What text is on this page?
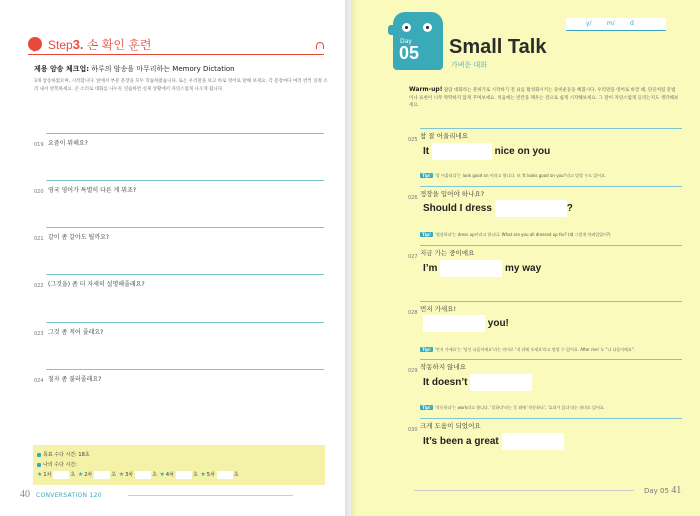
Step3. 손 확인 훈련
제용 암송 체크업: 하루의 암송을 마무리하는 Memory Dictation
3개 암송하였으며, 시작합니다. 앞에서 부분 문장을 모두 학습하였습니다. 또는 우리말을 보고 바로 영어로 말해 보세요. 각 문장마다 여러 번씩 일정 소리 내서 반복하세요. 큰 소리로 대화를 나누듯 연습하면 실제 상황에서 자연스럽게 나오게 됩니다.
019 요즘이 뭐해요?
020 영국 영어가 특별히 다른 게 뭐죠?
021 같이 좀 갈아도 될까요?
022 (그것을) 좀 더 자세히 설명해줄래요?
023 그것 좀 적어 줄래요?
024 철자 좀 불러줄래요?
목표 수다 시간: 18초
나의 수다 시간:
★1차	초 ★2차	초 ★3차	초 ★4차	초 ★5차	초
40 CONVERSATION 120
Day
05
y/        m/        d
Small Talk
가벼운 대화
Warm-up! 잡담 대화라는 분위기로 시작하기 전 뇌를 활성화시키는 준비운동을 해봅시다. 우리말을 영어로 바꿀 때, 단골처럼 문법이나 표현이 너무 딱딱하지 않게 꾸며보세요. 처음에는 빈칸을 채우는 것으로 쉽게 시작해보세요. 그 말이 자연스럽게 들리는지도 생각해보세요.
025 참 잘 어울리네요
It	nice on you
Tip! '잘 어울리다'는 look good on 이라고 합니다. 또 'It looks good on you!'라고 말할 수도 있어요.
026 정장을 입어야 하나요?
Should I dress	?
Tip! '정장하다'는 dress up이라고 합니다. What are you all dressed up for? (왜 그렇게 차려입었어?)
027 지금 가는 중이에요
I’m	my way
028 먼저 가세요!
you!
Tip! '먼저 가세요'는 '당신 다음이에요'라는 의미로 '내 뒤에 오세요'라고 말할 수 있어요. After me! 도 "나 다음이에요".
029 작동하지 않네요
It doesn’t
Tip! '작동하다'는 work라고 합니다. '일하다'라는 뜻 외에 '작동하다', '효과가 있다'라는 의미도 있어요.
030 크게 도움이 되었어요
It’s been a great
Day 05 41
